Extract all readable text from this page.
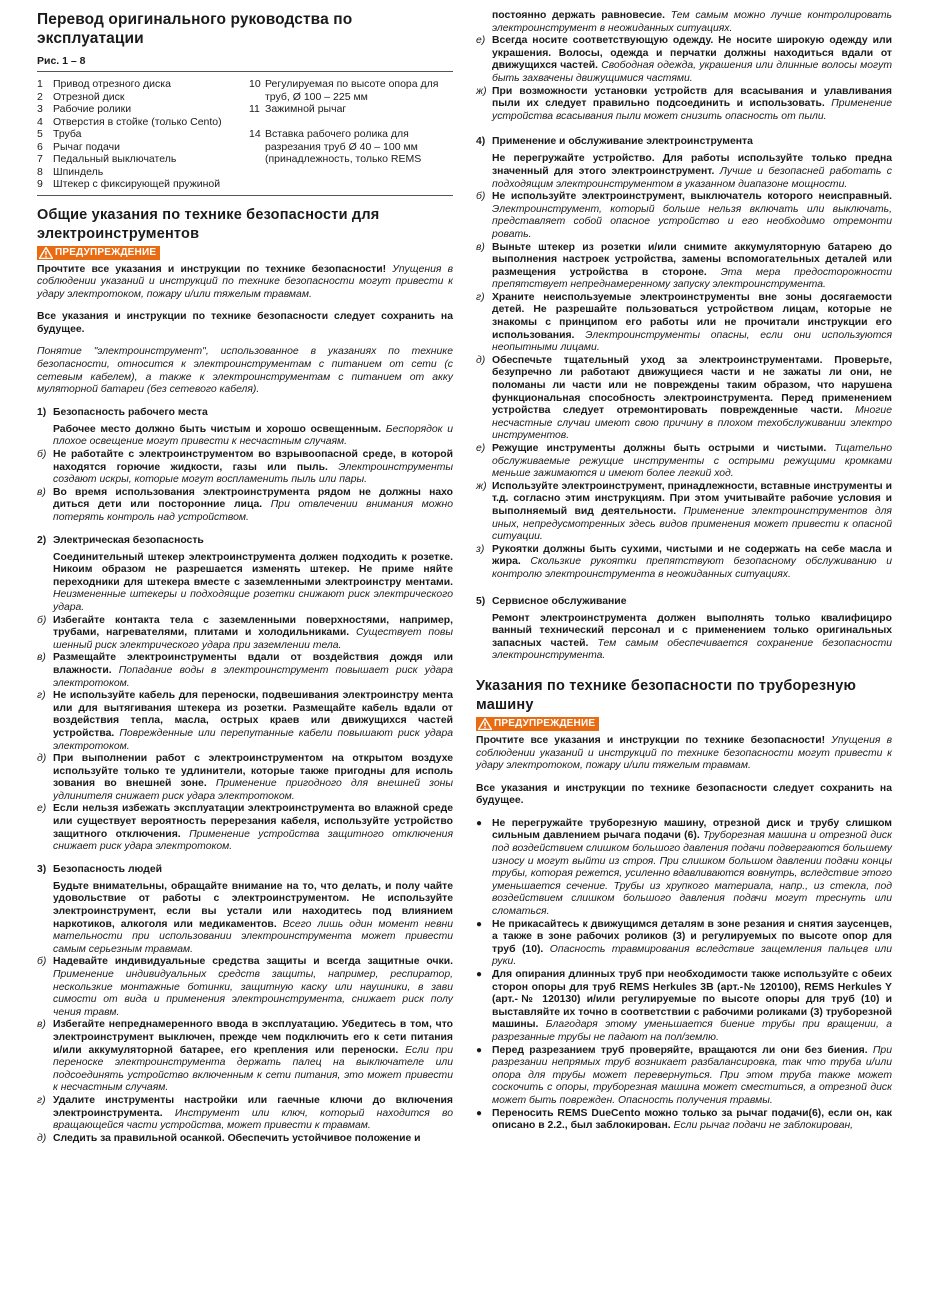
Перевод оригинального руководства по эксплуатации
Рис. 1 – 8
1 Привод отрезного диска
2 Отрезной диск
3 Рабочие ролики
4 Отверстия в стойке (только Cento)
5 Труба
6 Рычаг подачи
7 Педальный выключатель
8 Шпиндель
9 Штекер с фиксирующей пружиной
10 Регулируемая по высоте опора для труб, Ø 100 – 225 мм
11 Зажимной рычаг
14 Вставка рабочего ролика для разрезания труб Ø 40 – 100 мм (принадлежность, только REMS
Общие указания по технике безопасности для электроинструментов
ПРЕДУПРЕЖДЕНИЕ

Прочтите все указания и инструкции по технике безопасности! Упущения в соблюдении указаний и инструкций по технике безопасности могут привести к удару электротоком, пожару и/или тяжелым травмам.

Все указания и инструкции по технике безопасности следует сохранить на будущее.

Понятие "электроинструмент", использованное в указаниях по технике безопасности, относится к электроинструментам с питанием от сети (с сетевым кабелем), а также к электроинструментам с питанием от акку муляторной батареи (без сетевого кабеля).

1) Безопасность рабочего места

Рабочее место должно быть чистым и хорошо освещенным. Беспорядок и плохое освещение могут привести к несчастным случаям.

б) Не работайте с электроинструментом во взрывоопасной среде, в которой находятся горючие жидкости, газы или пыль. Электроинструменты создают искры, которые могут воспламенить пыль или пары.
в) Во время использования электроинструмента рядом не должны нахо диться дети или посторонние лица. При отвлечении внимания можно потерять контроль над устройством.
2) Электрическая безопасность

Соединительный штекер электроинструмента должен подходить к розетке. Никоим образом не разрешается изменять штекер. Не приме няйте переходники для штекера вместе с заземленными электроинстру ментами. Неизмененные штекеры и подходящие розетки снижают риск электрического удара.

б) Избегайте контакта тела с заземленными поверхностями, например, трубами, нагревателями, плитами и холодильниками. Существует повы шенный риск электрического удара при заземлении тела.
в) Размещайте электроинструменты вдали от воздействия дождя или влажности. Попадание воды в электроинструмент повышает риск удара электротоком.
г) Не используйте кабель для переноски, подвешивания электроинстру мента или для вытягивания штекера из розетки. Размещайте кабель вдали от воздействия тепла, масла, острых краев или движущихся частей устройства. Поврежденные или перепутанные кабели повышают риск удара электротоком.
д) При выполнении работ с электроинструментом на открытом воздухе используйте только те удлинители, которые также пригодны для исполь зования во внешней зоне. Применение пригодного для внешней зоны удлинителя снижает риск удара электротоком.
е) Если нельзя избежать эксплуатации электроинструмента во влажной среде или существует вероятность перерезания кабеля, используйте устройство защитного отключения. Применение устройства защитного отключения снижает риск удара электротоком.
3) Безопасность людей

Будьте внимательны, обращайте внимание на то, что делать, и полу чайте удовольствие от работы с электроинструментом. Не используйте электроинструмент, если вы устали или находитесь под влиянием наркотиков, алкоголя или медикаментов. Всего лишь один момент невни мательности при использовании электроинструмента может привести самым серьезным травмам.

б) Надевайте индивидуальные средства защиты и всегда защитные очки. Применение индивидуальных средств защиты, например, респиратор, нескользкие монтажные ботинки, защитную каску или наушники, в зави симости от вида и применения электроинструмента, снижает риск полу чения травм.
в) Избегайте непреднамеренного ввода в эксплуатацию. Убедитесь в том, что электроинструмент выключен, прежде чем подключить его к сети питания и/или аккумуляторной батарее, его крепления или переноски. Если при переноске электроинструмента держать палец на выключателе или подсоединять устройство включенным к сети питания, это может привести к несчастным случаям.
г) Удалите инструменты настройки или гаечные ключи до включения электроинструмента. Инструмент или ключ, который находится во вращающейся части устройства, может привести к травмам.
д) Следить за правильной осанкой. Обеспечить устойчивое положение и
постоянно держать равновесие. Тем самым можно лучше контролировать электроинструмент в неожиданных ситуациях.
е) Всегда носите соответствующую одежду. Не носите широкую одежду или украшения. Волосы, одежда и перчатки должны находиться вдали от движущихся частей. Свободная одежда, украшения или длинные волосы могут быть захвачены движущимися частями.
ж) При возможности установки устройств для всасывания и улавливания пыли их следует правильно подсоединить и использовать. Применение устройства всасывания пыли может снизить опасность от пыли.
4) Применение и обслуживание электроинструмента

Не перегружайте устройство. Для работы используйте только предна значенный для этого электроинструмент. Лучше и безопасней работать с подходящим электроинструментом в указанном диапазоне мощности.

б) Не используйте электроинструмент, выключатель которого неисправный. Электроинструмент, который больше нельзя включать или выключать, представляет собой опасное устройство и его необходимо отремонти ровать.
в) Выньте штекер из розетки и/или снимите аккумуляторную батарею до выполнения настроек устройства, замены вспомогательных деталей или размещения устройства в стороне. Эта мера предосторожности препятствует непреднамеренному запуску электроинструмента.
г) Храните неиспользуемые электроинструменты вне зоны досягаемости детей. Не разрешайте пользоваться устройством лицам, которые не знакомы с принципом его работы или не прочитали инструкции его использования. Электроинструменты опасны, если они используются неопытными лицами.
д) Обеспечьте тщательный уход за электроинструментами. Проверьте, безупречно ли работают движущиеся части и не зажаты ли они, не поломаны ли части или не повреждены таким образом, что нарушена функциональная способность электроинструмента. Перед применением устройства следует отремонтировать поврежденные части. Многие несчастные случаи имеют свою причину в плохом техобслуживании электро инструментов.
е) Режущие инструменты должны быть острыми и чистыми. Тщательно обслуживаемые режущие инструменты с острыми режущими кромками меньше зажимаются и имеют более легкий ход.
ж) Используйте электроинструмент, принадлежности, вставные инструменты и т.д. согласно этим инструкциям. При этом учитывайте рабочие условия и выполняемый вид деятельности. Применение электроинструментов для иных, непредусмотренных здесь видов применения может привести к опасной ситуации.
з) Рукоятки должны быть сухими, чистыми и не содержать на себе масла и жира. Скользкие рукоятки препятствуют безопасному обслуживанию и контролю электроинструмента в неожиданных ситуациях.
5) Сервисное обслуживание

Ремонт электроинструмента должен выполнять только квалифициро ванный технический персонал и с применением только оригинальных запасных частей. Тем самым обеспечивается сохранение безопасности электроинструмента.

Указания по технике безопасности по труборезную машину
ПРЕДУПРЕЖДЕНИЕ

Прочтите все указания и инструкции по технике безопасности! Упущения в соблюдении указаний и инструкций по технике безопасности могут привести к удару электротоком, пожару и/или тяжелым травмам.

Все указания и инструкции по технике безопасности следует сохранить на будущее.

● Не перегружайте труборезную машину, отрезной диск и трубу слишком сильным давлением рычага подачи (6). Труборезная машина и отрезной диск под воздействием слишком большого давления подачи подвергаются большему износу и могут выйти из строя. При слишком большом давлении подачи концы трубы, которая режется, усиленно вдавливаются вовнутрь, вследствие этого уменьшается сечение. Трубы из хрупкого материала, напр., из стекла, под воздействием слишком большого давления подачи могут треснуть или сломаться.
● Не прикасайтесь к движущимся деталям в зоне резания и снятия заусенцев, а также в зоне рабочих роликов (3) и регулируемых по высоте опор для труб (10). Опасность травмирования вследствие защемления пальцев или руки.
● Для опирания длинных труб при необходимости также используйте с обеих сторон опоры для труб REMS Herkules 3B (арт.-№ 120100), REMS Herkules Y (арт.-№ 120130) и/или регулируемые по высоте опоры для труб (10) и выставляйте их точно в соответствии с рабочими роликами (3) труборезной машины. Благодаря этому уменьшается биение трубы при вращении, а разрезанные трубы не падают на пол/землю.
● Перед разрезанием труб проверяйте, вращаются ли они без биения. При разрезании непрямых труб возникает разбалансировка, так что труба и/или опора для трубы может перевернуться. При этом труба также может соскочить с опоры, труборезная машина может сместиться, а отрезной диск может быть поврежден. Опасность получения травмы.
● Переносить REMS DueCento можно только за рычаг подачи(6), если он, как описано в 2.2., был заблокирован. Если рычаг подачи не заблокирован,
